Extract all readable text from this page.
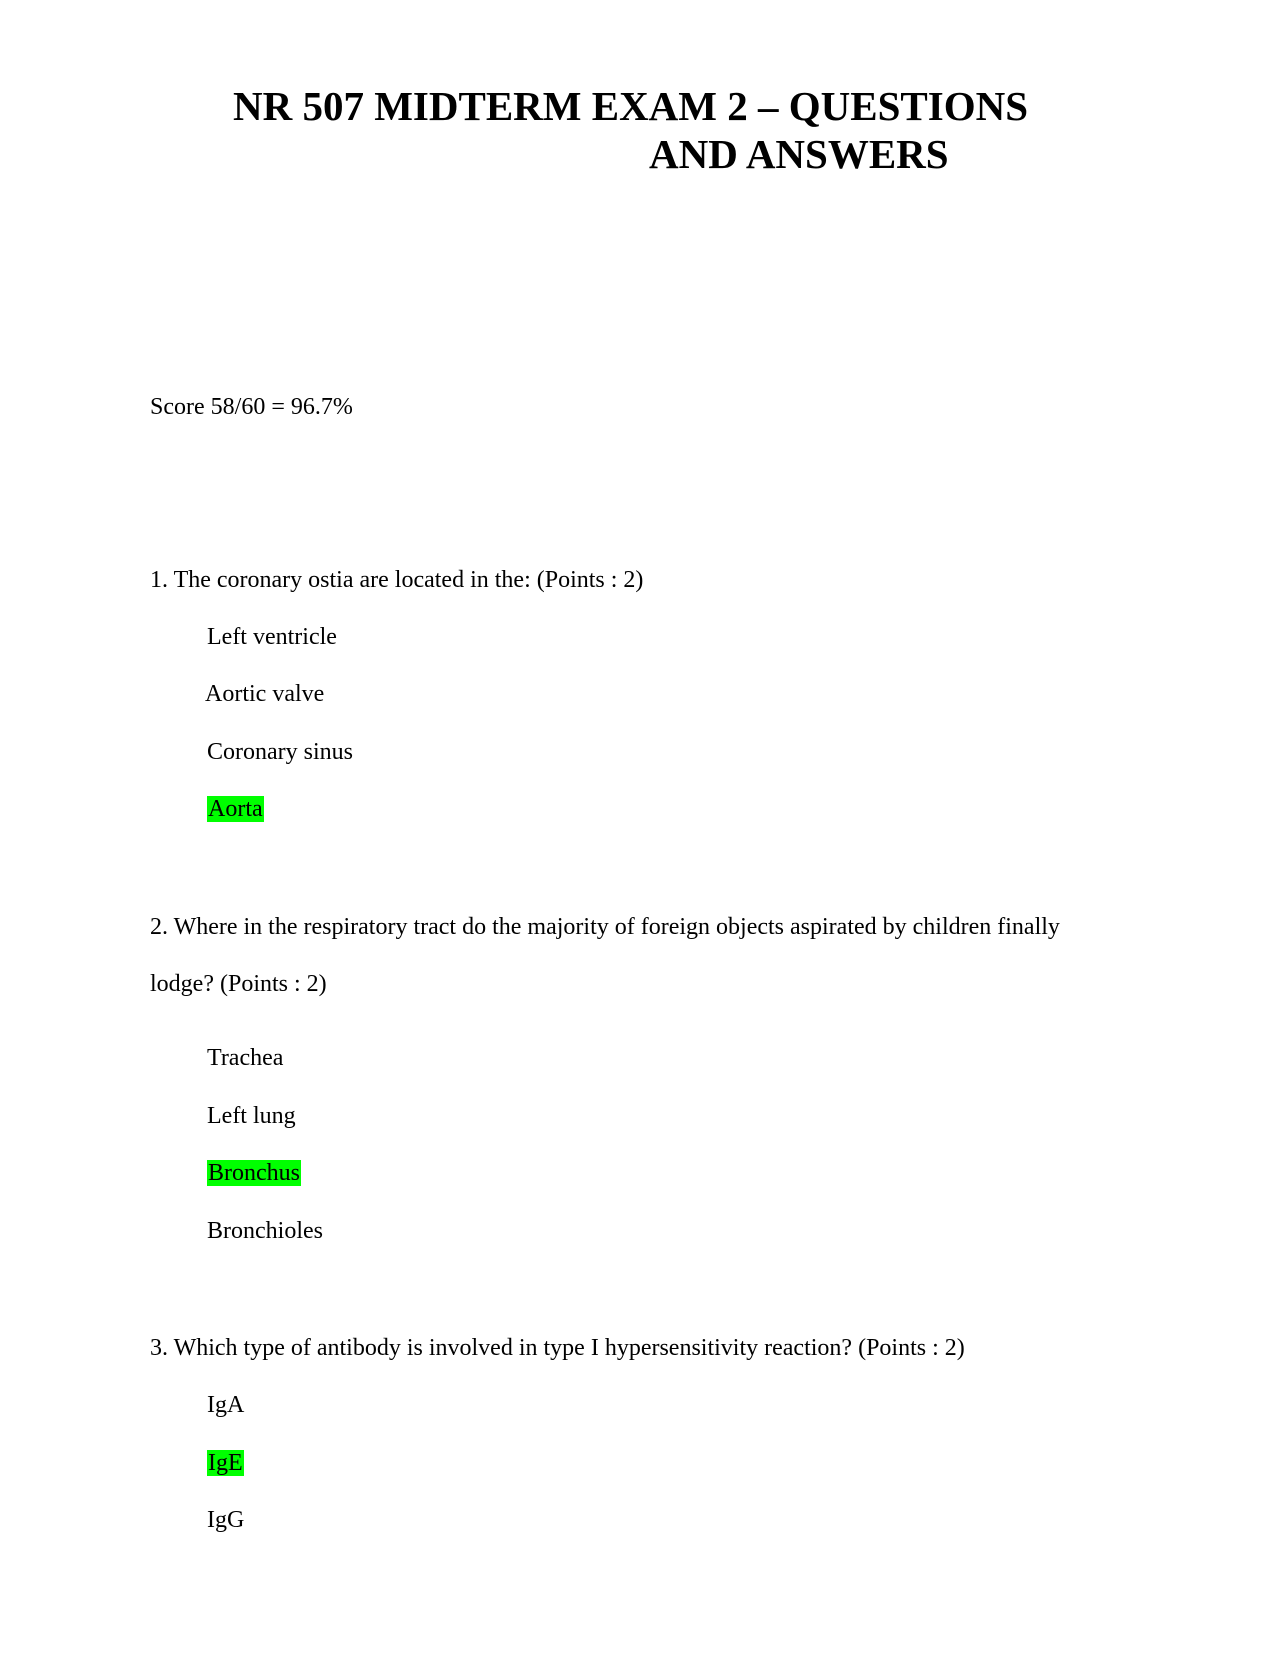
NR 507 MIDTERM EXAM 2 – QUESTIONS
AND ANSWERS
Score 58/60 = 96.7%
1. The coronary ostia are located in the: (Points : 2)
Left ventricle
Aortic valve
Coronary sinus
Aorta
2. Where in the respiratory tract do the majority of foreign objects aspirated by children finally
lodge? (Points : 2)
Trachea
Left lung
Bronchus
Bronchioles
3. Which type of antibody is involved in type I hypersensitivity reaction? (Points : 2)
IgA
IgE
IgG
